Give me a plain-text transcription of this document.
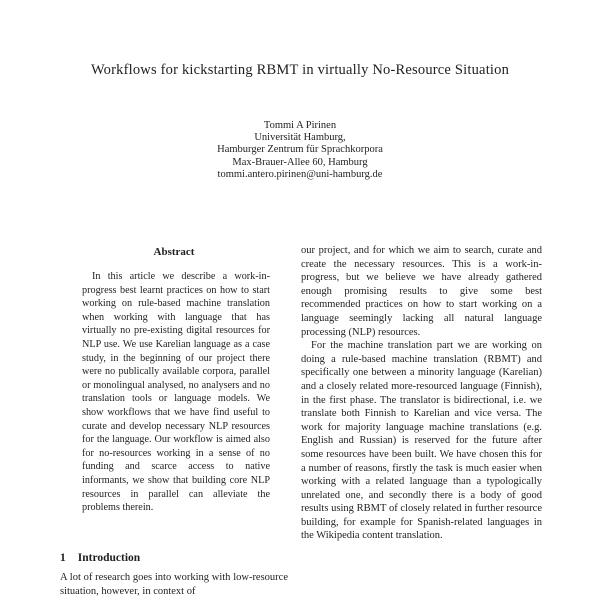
Workflows for kickstarting RBMT in virtually No-Resource Situation
Tommi A Pirinen
Universität Hamburg,
Hamburger Zentrum für Sprachkorpora
Max-Brauer-Allee 60, Hamburg
tommi.antero.pirinen@uni-hamburg.de
Abstract

In this article we describe a work-in-progress best learnt practices on how to start working on rule-based machine translation when working with language that has virtually no pre-existing digital resources for NLP use. We use Karelian language as a case study, in the beginning of our project there were no publically available corpora, parallel or monolingual analysed, no analysers and no translation tools or language models. We show workflows that we have find useful to curate and develop necessary NLP resources for the language. Our workflow is aimed also for no-resources working in a sense of no funding and scarce access to native informants, we show that building core NLP resources in parallel can alleviate the problems therein.

1 Introduction

A lot of research goes into working with low-resource situation, however, in context of

our project, and for which we aim to search, curate and create the necessary resources. This is a work-in-progress, but we believe we have already gathered enough promising results to give some best recommended practices on how to start working on a language seemingly lacking all natural language processing (NLP) resources.

For the machine translation part we are working on doing a rule-based machine translation (RBMT) and specifically one between a minority language (Karelian) and a closely related more-resourced language (Finnish), in the first phase. The translator is bidirectional, i.e. we translate both Finnish to Karelian and vice versa. The work for majority language machine translations (e.g. English and Russian) is reserved for the future after some resources have been built. We have chosen this for a number of reasons, firstly the task is much easier when working with a related language than a typologically unrelated one, and secondly there is a body of good results using RBMT of closely related in further resource building, for example for Spanish-related languages in the Wikipedia content translation.
